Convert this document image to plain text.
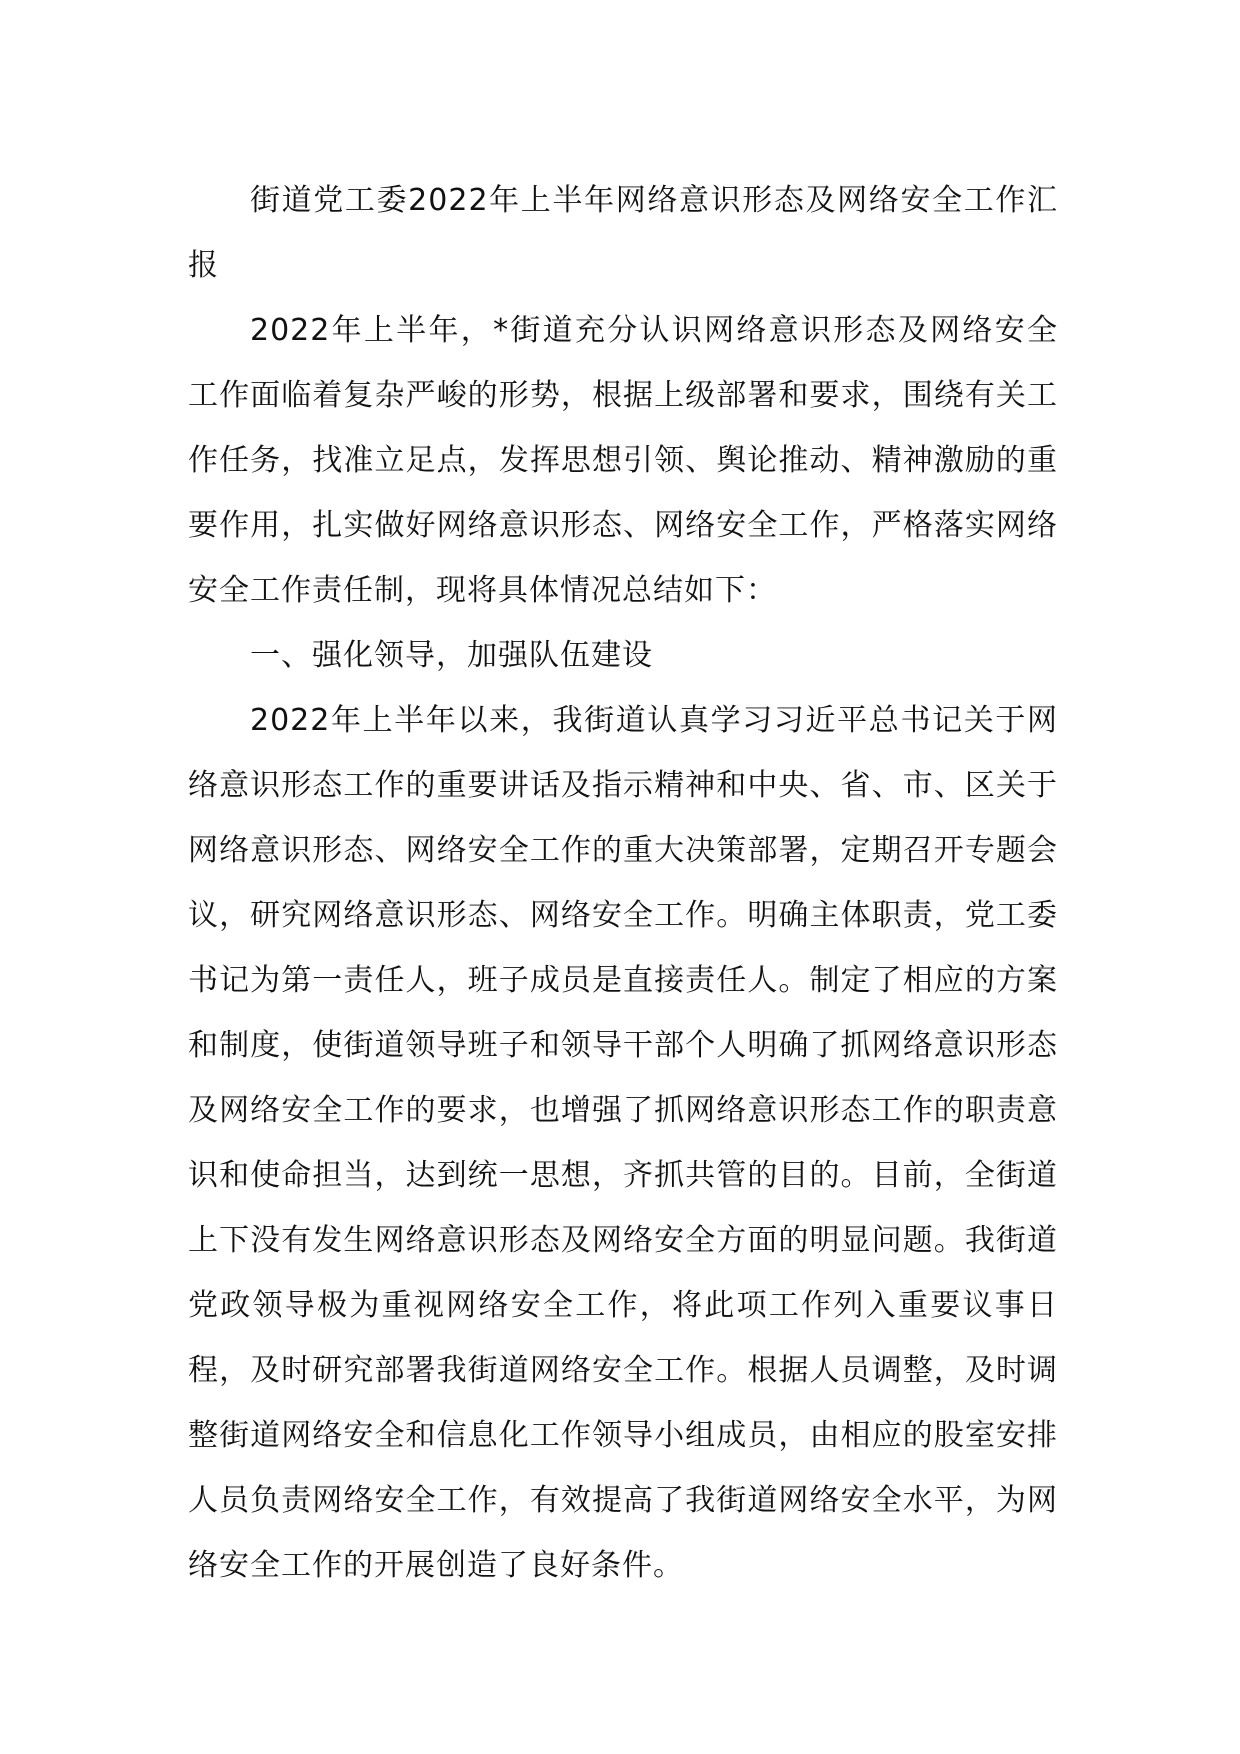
街道党工委2022年上半年网络意识形态及网络安全工作汇报

2022年上半年，*街道充分认识网络意识形态及网络安全工作面临着复杂严峻的形势，根据上级部署和要求，围绕有关工作任务，找准立足点，发挥思想引领、舆论推动、精神激励的重要作用，扎实做好网络意识形态、网络安全工作，严格落实网络安全工作责任制，现将具体情况总结如下：

一、强化领导，加强队伍建设

2022年上半年以来，我街道认真学习习近平总书记关于网络意识形态工作的重要讲话及指示精神和中央、省、市、区关于网络意识形态、网络安全工作的重大决策部署，定期召开专题会议，研究网络意识形态、网络安全工作。明确主体职责，党工委书记为第一责任人，班子成员是直接责任人。制定了相应的方案和制度，使街道领导班子和领导干部个人明确了抓网络意识形态及网络安全工作的要求，也增强了抓网络意识形态工作的职责意识和使命担当，达到统一思想，齐抓共管的目的。目前，全街道上下没有发生网络意识形态及网络安全方面的明显问题。我街道党政领导极为重视网络安全工作，将此项工作列入重要议事日程，及时研究部署我街道网络安全工作。根据人员调整，及时调整街道网络安全和信息化工作领导小组成员，由相应的股室安排人员负责网络安全工作，有效提高了我街道网络安全水平，为网络安全工作的开展创造了良好条件。
